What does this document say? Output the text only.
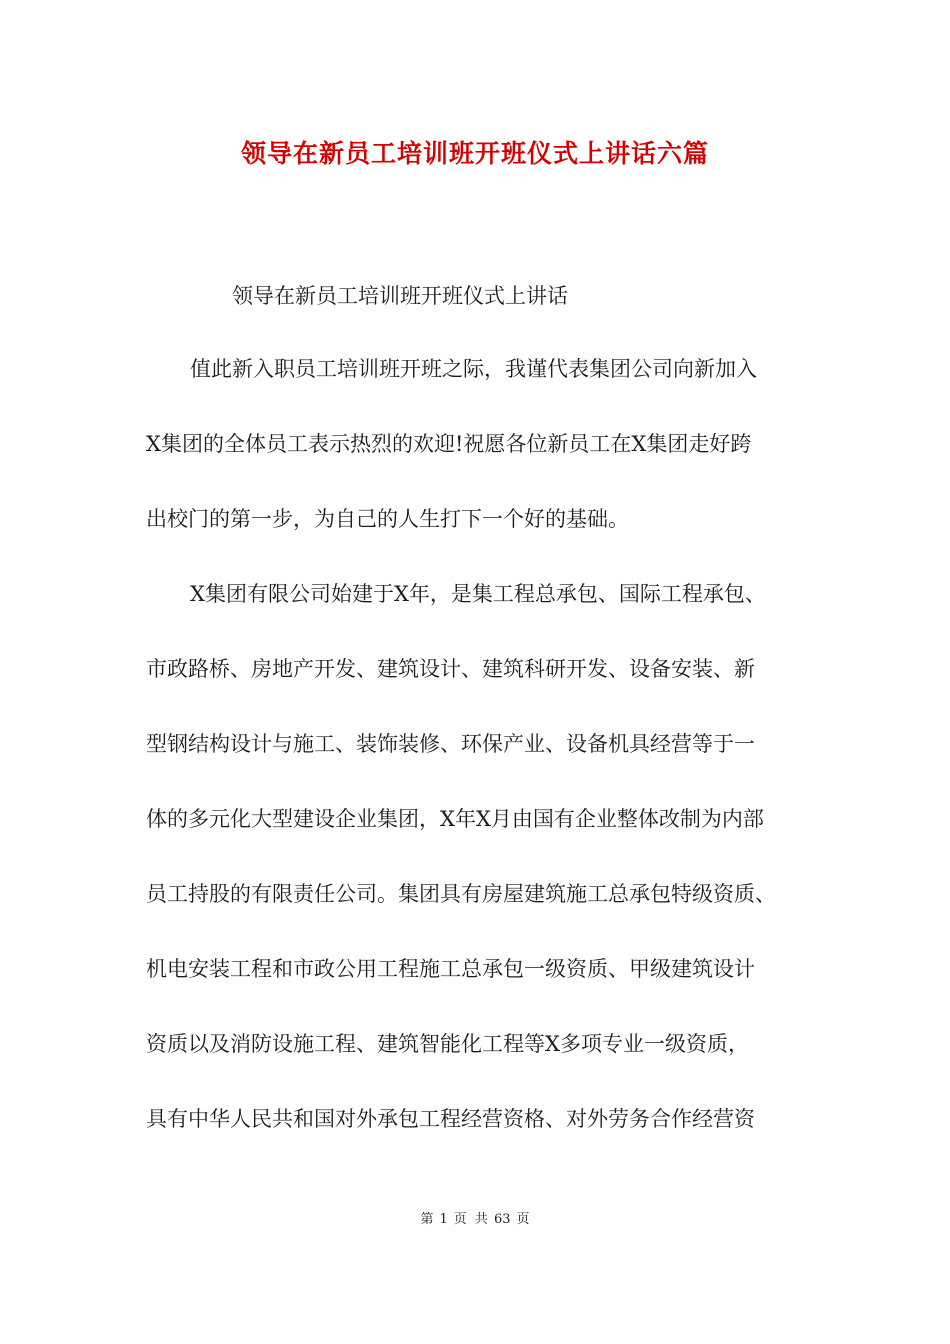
领导在新员工培训班开班仪式上讲话六篇

领导在新员工培训班开班仪式上讲话

值此新入职员工培训班开班之际，我谨代表集团公司向新加入
X集团的全体员工表示热烈的欢迎!祝愿各位新员工在X集团走好跨
出校门的第一步，为自己的人生打下一个好的基础。
X集团有限公司始建于X年，是集工程总承包、国际工程承包、
市政路桥、房地产开发、建筑设计、建筑科研开发、设备安装、新
型钢结构设计与施工、装饰装修、环保产业、设备机具经营等于一
体的多元化大型建设企业集团，X年X月由国有企业整体改制为内部
员工持股的有限责任公司。集团具有房屋建筑施工总承包特级资质、
机电安装工程和市政公用工程施工总承包一级资质、甲级建筑设计
资质以及消防设施工程、建筑智能化工程等X多项专业一级资质，
具有中华人民共和国对外承包工程经营资格、对外劳务合作经营资
第 1 页 共 63 页
